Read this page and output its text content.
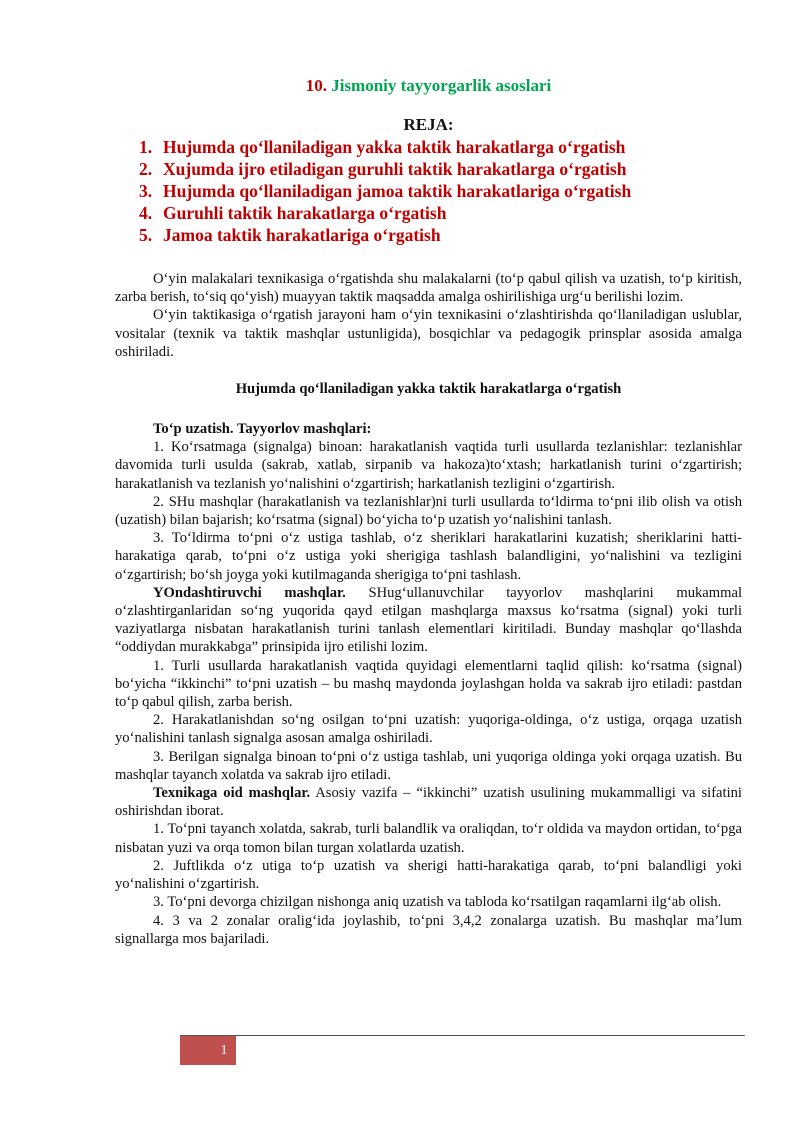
10. Jismoniy tayyorgarlik asoslari
REJA:
1. Hujumda qo‘llaniladigan yakka taktik harakatlarga o‘rgatish
2. Xujumda ijro etiladigan guruhli taktik harakatlarga o‘rgatish
3. Hujumda qo‘llaniladigan jamoa taktik harakatlariga o‘rgatish
4. Guruhli taktik harakatlarga o‘rgatish
5. Jamoa taktik harakatlariga o‘rgatish

O‘yin malakalari texnikasiga o‘rgatishda shu malakalarni (to‘p qabul qilish va uzatish, to‘p kiritish, zarba berish, to‘siq qo‘yish) muayyan taktik maqsadda amalga oshirilishiga urg‘u berilishi lozim.

O‘yin taktikasiga o‘rgatish jarayoni ham o‘yin texnikasini o‘zlashtirishda qo‘llaniladigan uslublar, vositalar (texnik va taktik mashqlar ustunligida), bosqichlar va pedagogik prinsplar asosida amalga oshiriladi.

Hujumda qo‘llaniladigan yakka taktik harakatlarga o‘rgatish

To‘p uzatish. Tayyorlov mashqlari:

1. Ko‘rsatmaga (signalga) binoan: harakatlanish vaqtida turli usullarda tezlanishlar: tezlanishlar davomida turli usulda (sakrab, xatlab, sirpanib va hakoza)to‘xtash; harkatlanish turini o‘zgartirish; harakatlanish va tezlanish yo‘nalishini o‘zgartirish; harkatlanish tezligini o‘zgartirish.

2. SHu mashqlar (harakatlanish va tezlanishlar)ni turli usullarda to‘ldirma to‘pni ilib olish va otish (uzatish) bilan bajarish; ko‘rsatma (signal) bo‘yicha to‘p uzatish yo‘nalishini tanlash.

3. To‘ldirma to‘pni o‘z ustiga tashlab, o‘z sheriklari harakatlarini kuzatish; sheriklarini hatti-harakatiga qarab, to‘pni o‘z ustiga yoki sherigiga tashlash balandligini, yo‘nalishini va tezligini o‘zgartirish; bo‘sh joyga yoki kutilmaganda sherigiga to‘pni tashlash.

YOndashtiruvchi mashqlar. SHug‘ullanuvchilar tayyorlov mashqlarini mukammal o‘zlashtirganlaridan so‘ng yuqorida qayd etilgan mashqlarga maxsus ko‘rsatma (signal) yoki turli vaziyatlarga nisbatan harakatlanish turini tanlash elementlari kiritiladi. Bunday mashqlar qo‘llashda “oddiydan murakkabga” prinsipida ijro etilishi lozim.

1. Turli usullarda harakatlanish vaqtida quyidagi elementlarni taqlid qilish: ko‘rsatma (signal) bo‘yicha “ikkinchi” to‘pni uzatish – bu mashq maydonda joylashgan holda va sakrab ijro etiladi: pastdan to‘p qabul qilish, zarba berish.

2. Harakatlanishdan so‘ng osilgan to‘pni uzatish: yuqoriga-oldinga, o‘z ustiga, orqaga uzatish yo‘nalishini tanlash signalga asosan amalga oshiriladi.

3. Berilgan signalga binoan to‘pni o‘z ustiga tashlab, uni yuqoriga oldinga yoki orqaga uzatish. Bu mashqlar tayanch xolatda va sakrab ijro etiladi.

Texnikaga oid mashqlar. Asosiy vazifa – “ikkinchi” uzatish usulining mukammalligi va sifatini oshirishdan iborat.

1. To‘pni tayanch xolatda, sakrab, turli balandlik va oraliqdan, to‘r oldida va maydon ortidan, to‘pga nisbatan yuzi va orqa tomon bilan turgan xolatlarda uzatish.

2. Juftlikda o‘z utiga to‘p uzatish va sherigi hatti-harakatiga qarab, to‘pni balandligi yoki yo‘nalishini o‘zgartirish.

3. To‘pni devorga chizilgan nishonga aniq uzatish va tabloda ko‘rsatilgan raqamlarni ilg‘ab olish.

4. 3 va 2 zonalar oralig‘ida joylashib, to‘pni 3,4,2 zonalarga uzatish. Bu mashqlar ma’lum signallarga mos bajariladi.

1
